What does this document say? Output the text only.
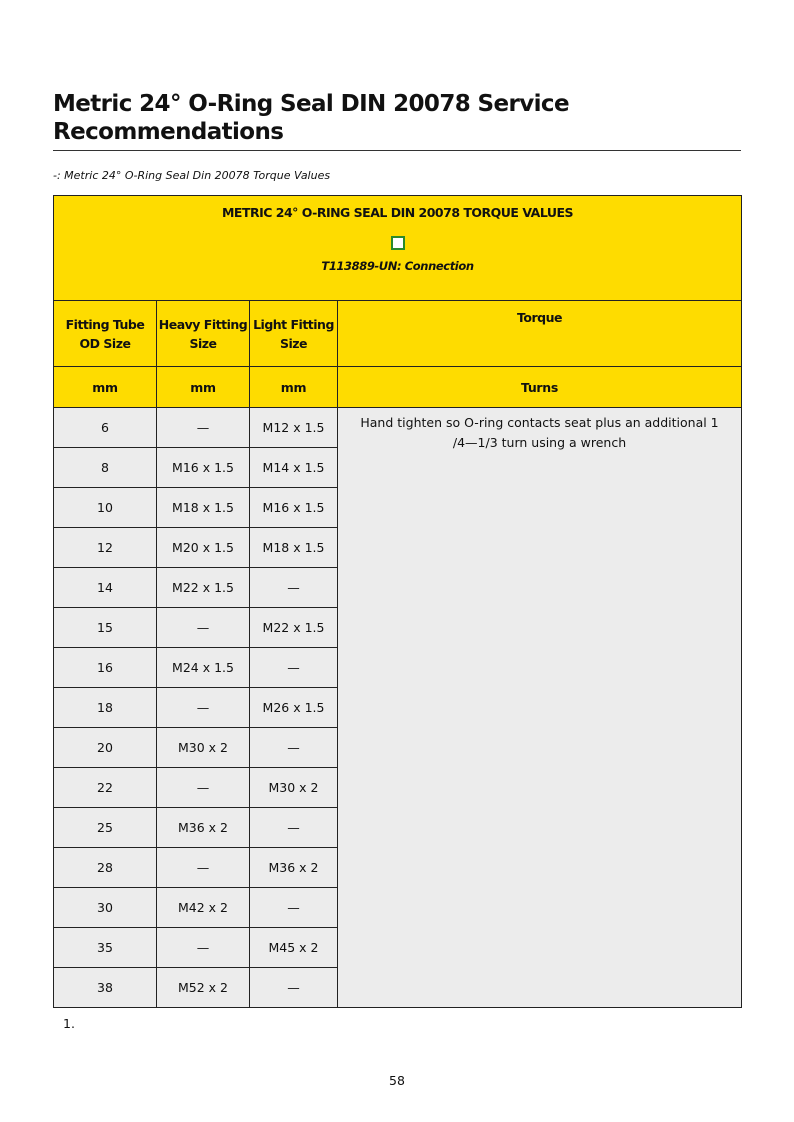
Metric 24° O-Ring Seal DIN 20078 Service Recommendations
-: Metric 24° O-Ring Seal Din 20078 Torque Values
METRIC 24° O-RING SEAL DIN 20078 TORQUE VALUES
T113889-UN: Connection			

Fitting Tube OD Size	Heavy Fitting Size	Light Fitting Size	Torque
mm	mm	mm	Turns
6	—	M12 x 1.5	Hand tighten so O-ring contacts seat plus an additional 1 /4—1/3 turn using a wrench
8	M16 x 1.5	M14 x 1.5	
10	M18 x 1.5	M16 x 1.5	
12	M20 x 1.5	M18 x 1.5	
14	M22 x 1.5	—	
15	—	M22 x 1.5	
16	M24 x 1.5	—	
18	—	M26 x 1.5	
20	M30 x 2	—	
22	—	M30 x 2	
25	M36 x 2	—	
28	—	M36 x 2	
30	M42 x 2	—	
35	—	M45 x 2	
38	M52 x 2	—	
1.
58
